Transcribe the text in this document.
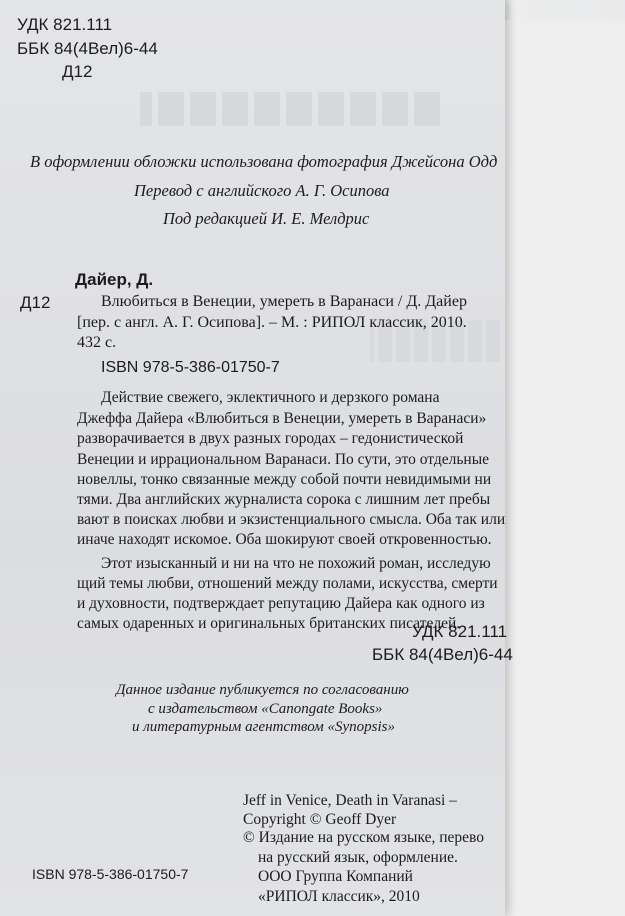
УДК 821.111
ББК 84(4Вел)6-44
Д12
В оформлении обложки использована фотография Джейсона Одд
Перевод с английского А. Г. Осипова
Под редакцией И. Е. Мелдрис
Дайер, Д.
Д12	Влюбиться в Венеции, умереть в Варанаси / Д. Дайер
[пер. с англ. А. Г. Осипова]. – М. : РИПОЛ классик, 2010.
432 с.
ISBN 978-5-386-01750-7
Действие свежего, эклектичного и дерзкого романа
Джеффа Дайера «Влюбиться в Венеции, умереть в Варанаси»
разворачивается в двух разных городах – гедонистической
Венеции и иррациональном Варанаси. По сути, это отдельные
новеллы, тонко связанные между собой почти невидимыми ни
тями. Два английских журналиста сорока с лишним лет пребы
вают в поисках любви и экзистенциального смысла. Оба так или
иначе находят искомое. Оба шокируют своей откровенностью.
Этот изысканный и ни на что не похожий роман, исследую
щий темы любви, отношений между полами, искусства, смерти
и духовности, подтверждает репутацию Дайера как одного из
самых одаренных и оригинальных британских писателей.
УДК 821.111
ББК 84(4Вел)6-44
Данное издание публикуется по согласованию
с издательством «Canongate Books»
и литературным агентством «Synopsis»
ISBN 978-5-386-01750-7
Jeff in Venice, Death in Varanasi –
Copyright © Geoff Dyer
© Издание на русском языке, перево
на русский язык, оформление.
ООО Группа Компаний
«РИПОЛ классик», 2010
